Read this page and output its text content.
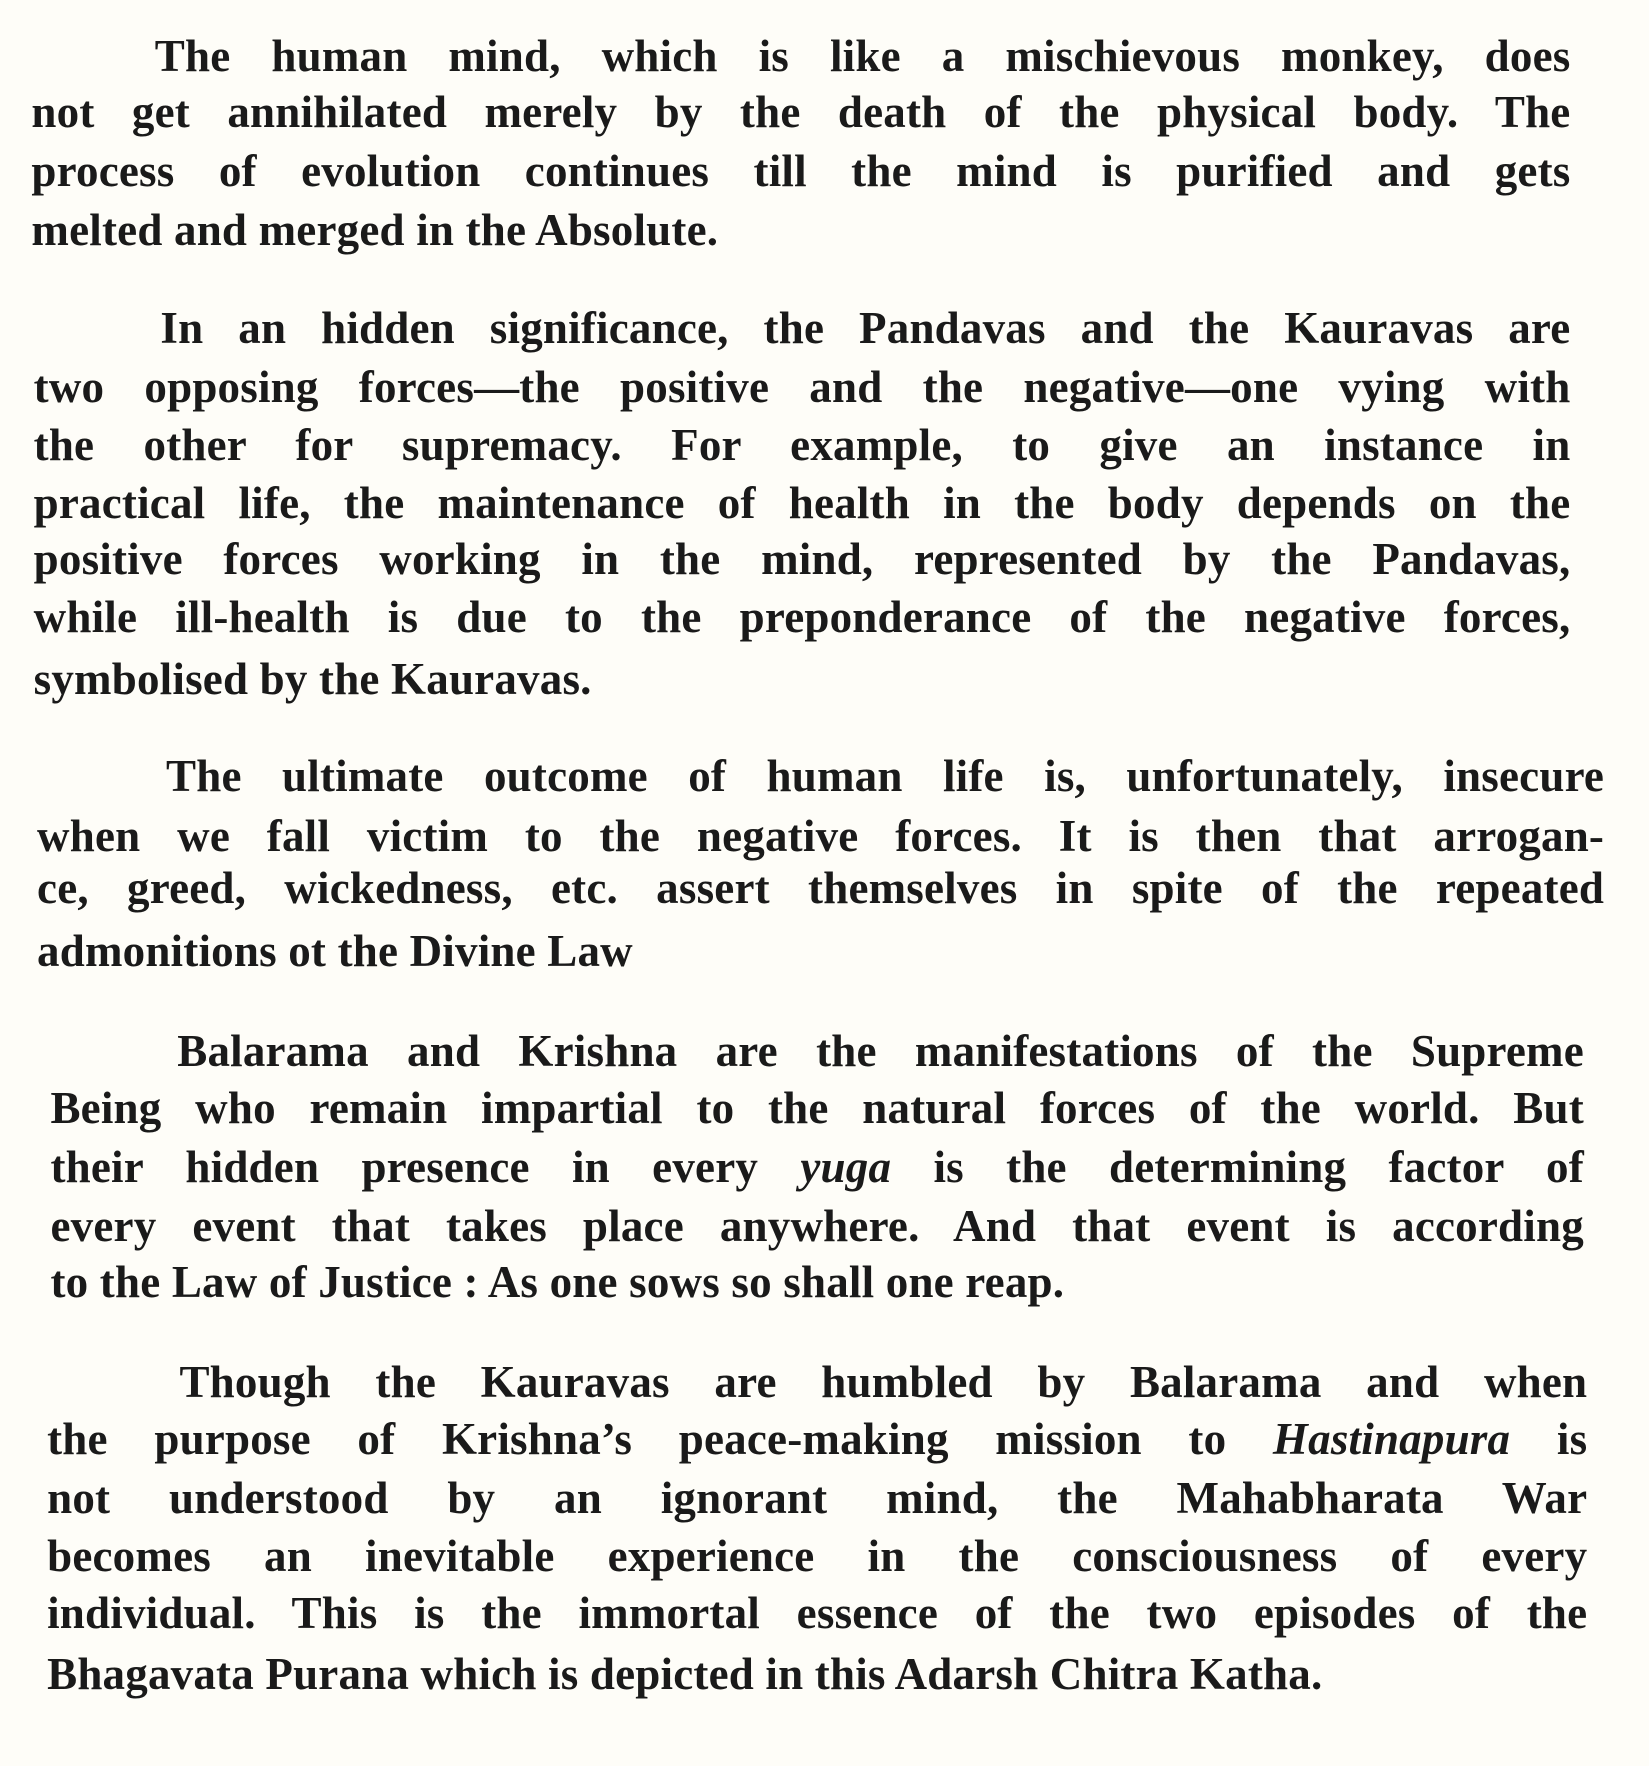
The human mind, which is like a mischievous monkey, does
not get annihilated merely by the death of the physical body. The
process of evolution continues till the mind is purified and gets
melted and merged in the Absolute.
In an hidden significance, the Pandavas and the Kauravas are
two opposing forces—the positive and the negative—one vying with
the other for supremacy. For example, to give an instance in
practical life, the maintenance of health in the body depends on the
positive forces working in the mind, represented by the Pandavas,
while ill-health is due to the preponderance of the negative forces,
symbolised by the Kauravas.
The ultimate outcome of human life is, unfortunately, insecure
when we fall victim to the negative forces. It is then that arrogan-
ce, greed, wickedness, etc. assert themselves in spite of the repeated
admonitions ot the Divine Law
Balarama and Krishna are the manifestations of the Supreme
Being who remain impartial to the natural forces of the world. But
their hidden presence in every yuga is the determining factor of
every event that takes place anywhere. And that event is according
to the Law of Justice : As one sows so shall one reap.
Though the Kauravas are humbled by Balarama and when
the purpose of Krishna’s peace-making mission to Hastinapura is
not understood by an ignorant mind, the Mahabharata War
becomes an inevitable experience in the consciousness of every
individual. This is the immortal essence of the two episodes of the
Bhagavata Purana which is depicted in this Adarsh Chitra Katha.
